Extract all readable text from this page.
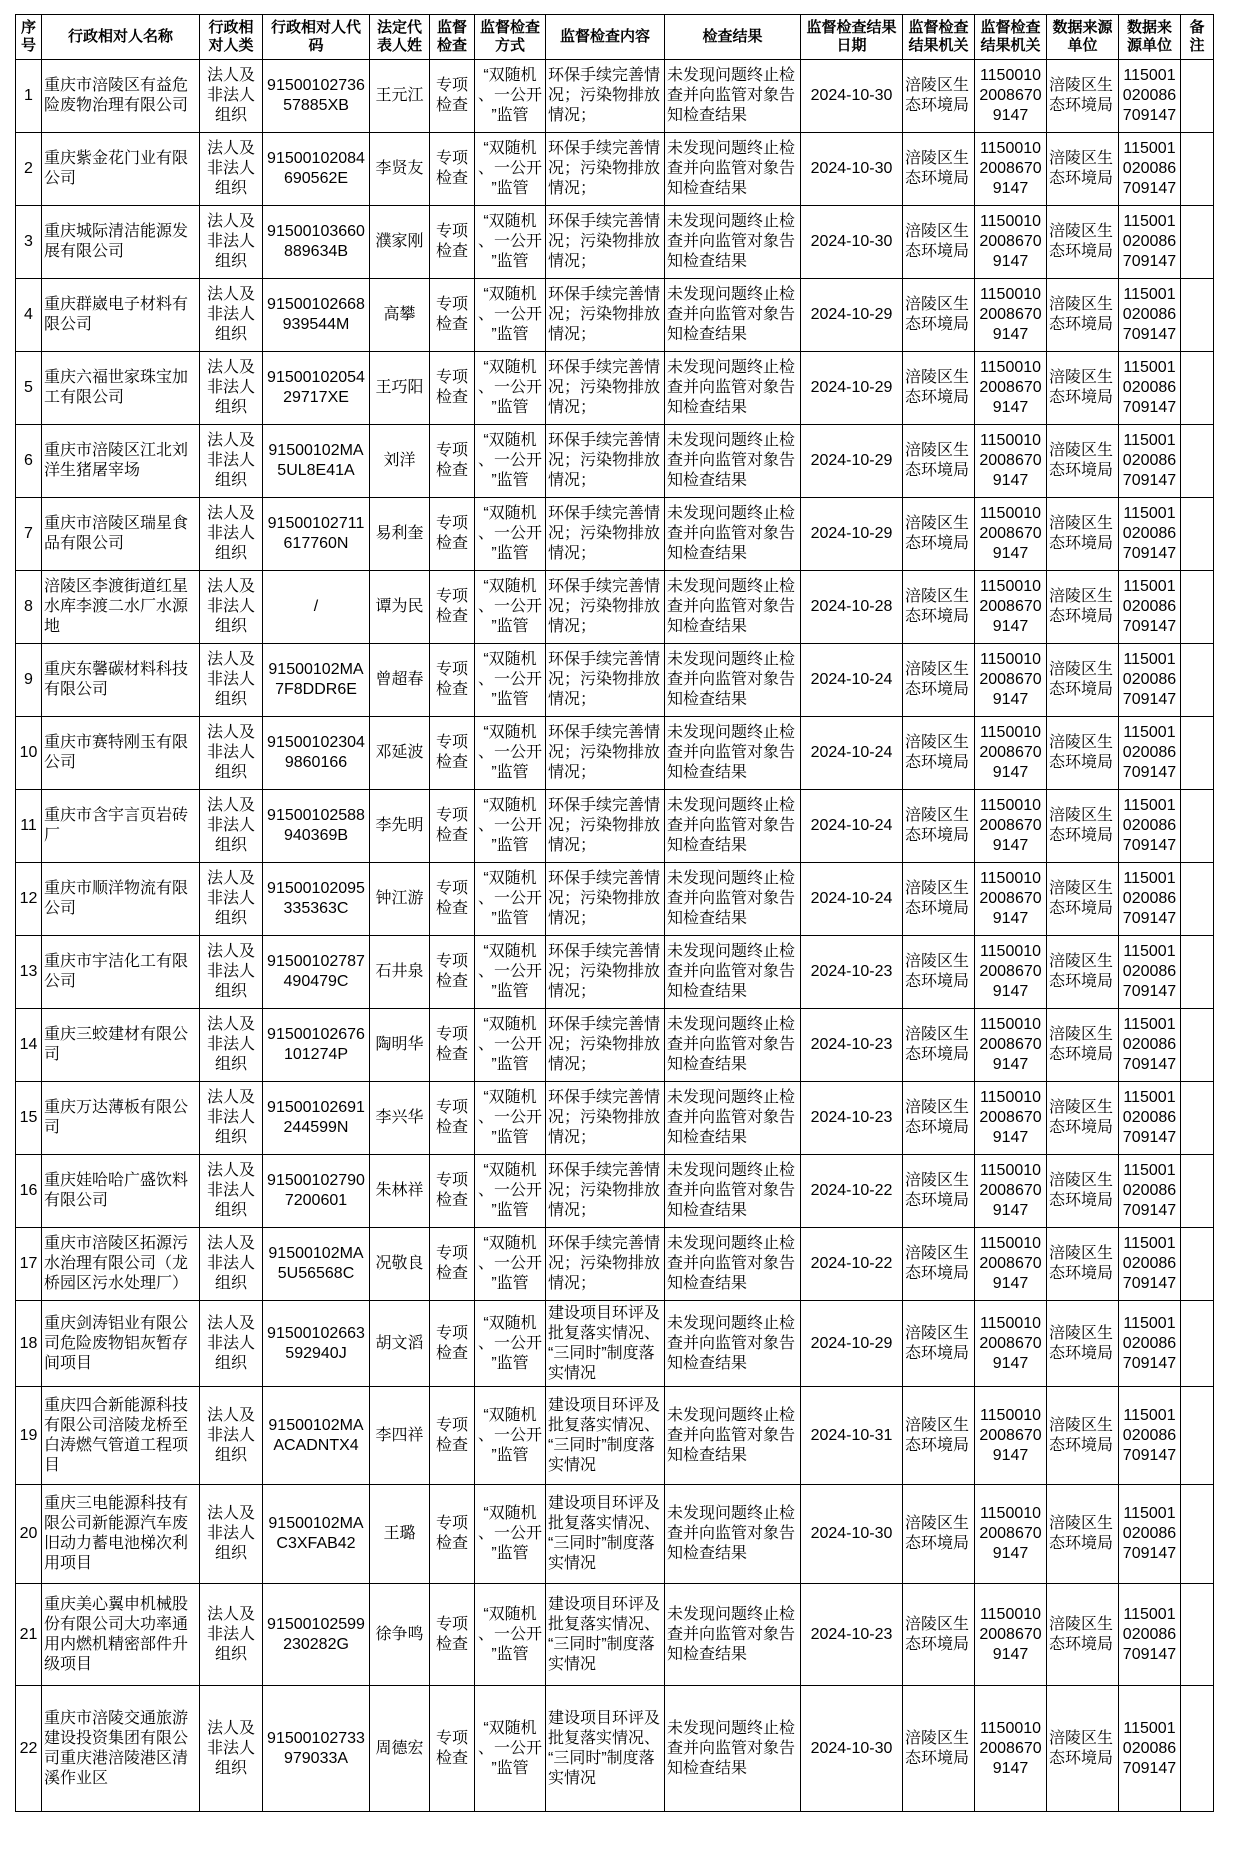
序号	行政相对人名称	行政相对人类	行政相对人代码	法定代表人姓	监督检查	监督检查方式	监督检查内容	检查结果	监督检查结果日期	监督检查结果机关	监督检查结果机关	数据来源单位	数据来源单位	备注
1	重庆市涪陵区有益危险废物治理有限公司	法人及非法人组织	9150010273657885XB	王元江	专项检查	“双随机、一公开”监管	环保手续完善情况；污染物排放情况；	未发现问题终止检查并向监管对象告知检查结果	2024-10-30	涪陵区生态环境局	115001020086709147	涪陵区生态环境局	115001020086709147	
2	重庆紫金花门业有限公司	法人及非法人组织	91500102084690562E	李贤友	专项检查	“双随机、一公开”监管	环保手续完善情况；污染物排放情况；	未发现问题终止检查并向监管对象告知检查结果	2024-10-30	涪陵区生态环境局	115001020086709147	涪陵区生态环境局	115001020086709147	
3	重庆城际清洁能源发展有限公司	法人及非法人组织	91500103660889634B	濮家刚	专项检查	“双随机、一公开”监管	环保手续完善情况；污染物排放情况；	未发现问题终止检查并向监管对象告知检查结果	2024-10-30	涪陵区生态环境局	115001020086709147	涪陵区生态环境局	115001020086709147	
4	重庆群崴电子材料有限公司	法人及非法人组织	91500102668939544M	高攀	专项检查	“双随机、一公开”监管	环保手续完善情况；污染物排放情况；	未发现问题终止检查并向监管对象告知检查结果	2024-10-29	涪陵区生态环境局	115001020086709147	涪陵区生态环境局	115001020086709147	
5	重庆六福世家珠宝加工有限公司	法人及非法人组织	9150010205429717XE	王巧阳	专项检查	“双随机、一公开”监管	环保手续完善情况；污染物排放情况；	未发现问题终止检查并向监管对象告知检查结果	2024-10-29	涪陵区生态环境局	115001020086709147	涪陵区生态环境局	115001020086709147	
6	重庆市涪陵区江北刘洋生猪屠宰场	法人及非法人组织	91500102MA5UL8E41A	刘洋	专项检查	“双随机、一公开”监管	环保手续完善情况；污染物排放情况；	未发现问题终止检查并向监管对象告知检查结果	2024-10-29	涪陵区生态环境局	115001020086709147	涪陵区生态环境局	115001020086709147	
7	重庆市涪陵区瑞星食品有限公司	法人及非法人组织	91500102711617760N	易利奎	专项检查	“双随机、一公开”监管	环保手续完善情况；污染物排放情况；	未发现问题终止检查并向监管对象告知检查结果	2024-10-29	涪陵区生态环境局	115001020086709147	涪陵区生态环境局	115001020086709147	
8	涪陵区李渡街道红星水库李渡二水厂水源地	法人及非法人组织	/	谭为民	专项检查	“双随机、一公开”监管	环保手续完善情况；污染物排放情况；	未发现问题终止检查并向监管对象告知检查结果	2024-10-28	涪陵区生态环境局	115001020086709147	涪陵区生态环境局	115001020086709147	
9	重庆东馨碳材料科技有限公司	法人及非法人组织	91500102MA7F8DDR6E	曾超春	专项检查	“双随机、一公开”监管	环保手续完善情况；污染物排放情况；	未发现问题终止检查并向监管对象告知检查结果	2024-10-24	涪陵区生态环境局	115001020086709147	涪陵区生态环境局	115001020086709147	
10	重庆市赛特刚玉有限公司	法人及非法人组织	915001023049860166	邓延波	专项检查	“双随机、一公开”监管	环保手续完善情况；污染物排放情况；	未发现问题终止检查并向监管对象告知检查结果	2024-10-24	涪陵区生态环境局	115001020086709147	涪陵区生态环境局	115001020086709147	
11	重庆市含宇言页岩砖厂	法人及非法人组织	91500102588940369B	李先明	专项检查	“双随机、一公开”监管	环保手续完善情况；污染物排放情况；	未发现问题终止检查并向监管对象告知检查结果	2024-10-24	涪陵区生态环境局	115001020086709147	涪陵区生态环境局	115001020086709147	
12	重庆市顺洋物流有限公司	法人及非法人组织	91500102095335363C	钟江游	专项检查	“双随机、一公开”监管	环保手续完善情况；污染物排放情况；	未发现问题终止检查并向监管对象告知检查结果	2024-10-24	涪陵区生态环境局	115001020086709147	涪陵区生态环境局	115001020086709147	
13	重庆市宇洁化工有限公司	法人及非法人组织	91500102787490479C	石井泉	专项检查	“双随机、一公开”监管	环保手续完善情况；污染物排放情况；	未发现问题终止检查并向监管对象告知检查结果	2024-10-23	涪陵区生态环境局	115001020086709147	涪陵区生态环境局	115001020086709147	
14	重庆三蛟建材有限公司	法人及非法人组织	91500102676101274P	陶明华	专项检查	“双随机、一公开”监管	环保手续完善情况；污染物排放情况；	未发现问题终止检查并向监管对象告知检查结果	2024-10-23	涪陵区生态环境局	115001020086709147	涪陵区生态环境局	115001020086709147	
15	重庆万达薄板有限公司	法人及非法人组织	91500102691244599N	李兴华	专项检查	“双随机、一公开”监管	环保手续完善情况；污染物排放情况；	未发现问题终止检查并向监管对象告知检查结果	2024-10-23	涪陵区生态环境局	115001020086709147	涪陵区生态环境局	115001020086709147	
16	重庆娃哈哈广盛饮料有限公司	法人及非法人组织	915001027907200601	朱林祥	专项检查	“双随机、一公开”监管	环保手续完善情况；污染物排放情况；	未发现问题终止检查并向监管对象告知检查结果	2024-10-22	涪陵区生态环境局	115001020086709147	涪陵区生态环境局	115001020086709147	
17	重庆市涪陵区拓源污水治理有限公司（龙桥园区污水处理厂）	法人及非法人组织	91500102MA5U56568C	况敬良	专项检查	“双随机、一公开”监管	环保手续完善情况；污染物排放情况；	未发现问题终止检查并向监管对象告知检查结果	2024-10-22	涪陵区生态环境局	115001020086709147	涪陵区生态环境局	115001020086709147	
18	重庆剑涛铝业有限公司危险废物铝灰暂存间项目	法人及非法人组织	91500102663592940J	胡文滔	专项检查	“双随机、一公开”监管	建设项目环评及批复落实情况、“三同时”制度落实情况	未发现问题终止检查并向监管对象告知检查结果	2024-10-29	涪陵区生态环境局	115001020086709147	涪陵区生态环境局	115001020086709147	
19	重庆四合新能源科技有限公司涪陵龙桥至白涛燃气管道工程项目	法人及非法人组织	91500102MAACADNTX4	李四祥	专项检查	“双随机、一公开”监管	建设项目环评及批复落实情况、“三同时”制度落实情况	未发现问题终止检查并向监管对象告知检查结果	2024-10-31	涪陵区生态环境局	115001020086709147	涪陵区生态环境局	115001020086709147	
20	重庆三电能源科技有限公司新能源汽车废旧动力蓄电池梯次利用项目	法人及非法人组织	91500102MAC3XFAB42	王璐	专项检查	“双随机、一公开”监管	建设项目环评及批复落实情况、“三同时”制度落实情况	未发现问题终止检查并向监管对象告知检查结果	2024-10-30	涪陵区生态环境局	115001020086709147	涪陵区生态环境局	115001020086709147	
21	重庆美心翼申机械股份有限公司大功率通用内燃机精密部件升级项目	法人及非法人组织	91500102599230282G	徐争鸣	专项检查	“双随机、一公开”监管	建设项目环评及批复落实情况、“三同时”制度落实情况	未发现问题终止检查并向监管对象告知检查结果	2024-10-23	涪陵区生态环境局	115001020086709147	涪陵区生态环境局	115001020086709147	
22	重庆市涪陵交通旅游建设投资集团有限公司重庆港涪陵港区清溪作业区	法人及非法人组织	91500102733979033A	周德宏	专项检查	“双随机、一公开”监管	建设项目环评及批复落实情况、“三同时”制度落实情况	未发现问题终止检查并向监管对象告知检查结果	2024-10-30	涪陵区生态环境局	115001020086709147	涪陵区生态环境局	115001020086709147	
